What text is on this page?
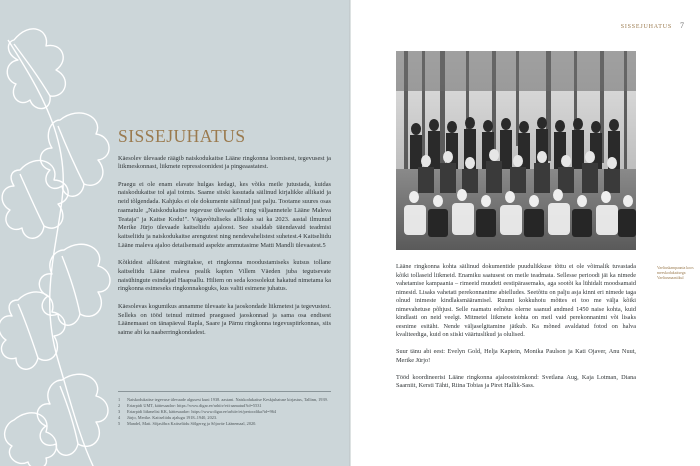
SISSEJUHATUS

Käesolev ülevaade räägib naiskodukaitse Lääne ringkonna loomisest, tegevusest ja liikmeskonnast, liikmete repressioonidest ja pingeaastatest.

Praegu ei ole enam elavate hulgas kedagi, kes võiks meile jutustada, kuidas naiskodukaitse tol ajal toimis. Saame siiski kasutada säilinud kirjalikke allikaid ja neid tõlgendada. Kahjuks ei ole dokumente säilinud just palju. Tootame suures osas raamatule „Naiskodukaitse tegevuse ülevaade"1 ning väljaannetele Lääne Maleva Teataja" ja Kaitse Kodu!". Vägavõtuliseks allikaks sai ka 2023. aastal ilmunud Merike Jürjo ülevaade kaitseliidu ajaloost. See sisaldab täiendavaid teadmisi kaitseliidu ja naiskodukaitse arengutest ning nendevahelistest suhetest.4 Kaitseliidu Lääne maleva ajaloo detailsemaid aspekte ammutasime Matti Mandli ülevaatest.5

Kõikidest allikatest märgitakse, et ringkonna moodustamiseks kutsus tollane kaitseliidu Lääne maleva pealik kapten Villem Väeden juba tegutsevate naisühingute esindajad Haapsallu. Hiliem on seda koosolekut hakatud nimetama ka ringkonna esimeseks ringkonnakoguks, kus valiti esimene juhatus.

Käesolevas kogumikus annamme ülevaate ka jaoskondade liikmetest ja tegevustest. Selleks on tööd teinud mitmed praegused jaoskonnad ja sama osa endisest Läänemaast on tänapäeval Rapla, Saare ja Pärnu ringkonna tegevuspiirkonnas, siis saime abi ka naaberringkondadest.

1	Naiskodukaitse tegevuse ülevaade algusest kuni 1938. aastani. Naiskodukaitse Keskjuhatuse kirjastus, Tallinn, 1939.
2	Eriarpidi UMT, kättesaadav: https://www.digar.ee/arhiiv/et/raamatud?id=5531
3	Eriarpidi liikmelisi KK, kättesaadav: https://www.digar.ee/arhiiv/et/perioodika?id=964
4	Jürjo, Merike. Kaitseliidu ajalugu 1918–1940, 2023.
5	Mandel, Mati. Sõjasõbra Kaitseliidu Sõlgereg ja Sõjaväe Läänemaal, 2020.
SISSEJUHATUS 7

Vaeltuskampaania koos meeskodukaitsega Vaeltusmaastikul

Lääne ringkonna kohta säilinud dokumentide puudulikkuse tõttu ei ole võimalik tuvastada kõiki tollaseid liikmeid. Enamiku saatusest on meile teadmata. Sellesse perioodi jäi ka nimede vahetamise kampaania – rimeeid muudeti eestipärasemaks, aga sootõi ka lühidalt moodsamaid nimesid. Lisaks vahetati perekonnanime abielludes. Seetõttu on palju asja kinni eri nimede taga olnud inimeste kindlaksmääramisel. Ruumi kokkuhoiu mõttes ei too me välja kõiki nimevahetuse põhjusi. Selle raamatu eelnõus olerne saanud andmed 1450 naise kohta, kuid kindlasti on neid veelgi. Mitmetel liikmete kohta on meil vaid perekonnanimi või lisaks eesnime esitäht. Nende väljaselgitamine jätkub. Ka mõned avaldatud fotod on halva kvaliteediga, kuid on siiski väärtuslikud ja olulised.

Suur tänu abi eest: Evelyn Gold, Helja Kaptein, Monika Paulson ja Kati Ojaver, Anu Nuut, Merike Jürjo!

Tööd koordineerisi Lääne ringkonna ajaloostoimkond: Svetlana Aug, Kaja Lotman, Diana Saarniit, Kersti Tähti, Riina Tobias ja Piret Hallik-Sass.
